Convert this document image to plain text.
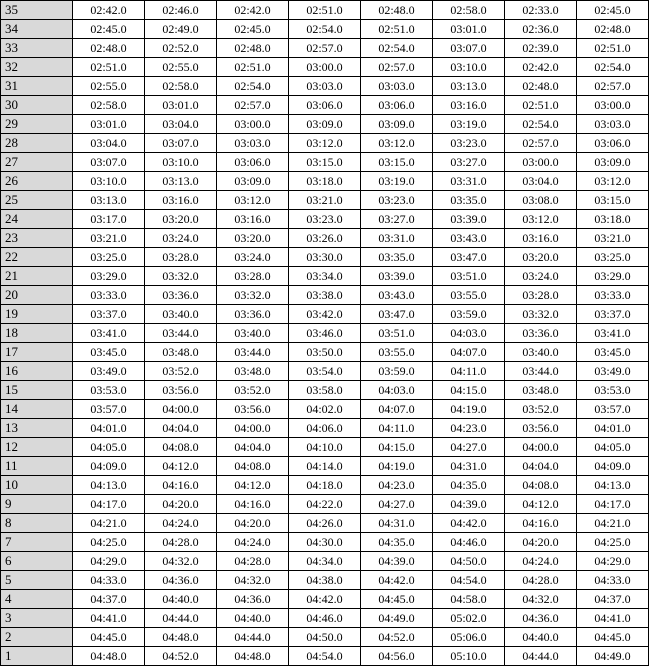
35	02:42.0	02:46.0	02:42.0	02:51.0	02:48.0	02:58.0	02:33.0	02:45.0
34	02:45.0	02:49.0	02:45.0	02:54.0	02:51.0	03:01.0	02:36.0	02:48.0
33	02:48.0	02:52.0	02:48.0	02:57.0	02:54.0	03:07.0	02:39.0	02:51.0
32	02:51.0	02:55.0	02:51.0	03:00.0	02:57.0	03:10.0	02:42.0	02:54.0
31	02:55.0	02:58.0	02:54.0	03:03.0	03:03.0	03:13.0	02:48.0	02:57.0
30	02:58.0	03:01.0	02:57.0	03:06.0	03:06.0	03:16.0	02:51.0	03:00.0
29	03:01.0	03:04.0	03:00.0	03:09.0	03:09.0	03:19.0	02:54.0	03:03.0
28	03:04.0	03:07.0	03:03.0	03:12.0	03:12.0	03:23.0	02:57.0	03:06.0
27	03:07.0	03:10.0	03:06.0	03:15.0	03:15.0	03:27.0	03:00.0	03:09.0
26	03:10.0	03:13.0	03:09.0	03:18.0	03:19.0	03:31.0	03:04.0	03:12.0
25	03:13.0	03:16.0	03:12.0	03:21.0	03:23.0	03:35.0	03:08.0	03:15.0
24	03:17.0	03:20.0	03:16.0	03:23.0	03:27.0	03:39.0	03:12.0	03:18.0
23	03:21.0	03:24.0	03:20.0	03:26.0	03:31.0	03:43.0	03:16.0	03:21.0
22	03:25.0	03:28.0	03:24.0	03:30.0	03:35.0	03:47.0	03:20.0	03:25.0
21	03:29.0	03:32.0	03:28.0	03:34.0	03:39.0	03:51.0	03:24.0	03:29.0
20	03:33.0	03:36.0	03:32.0	03:38.0	03:43.0	03:55.0	03:28.0	03:33.0
19	03:37.0	03:40.0	03:36.0	03:42.0	03:47.0	03:59.0	03:32.0	03:37.0
18	03:41.0	03:44.0	03:40.0	03:46.0	03:51.0	04:03.0	03:36.0	03:41.0
17	03:45.0	03:48.0	03:44.0	03:50.0	03:55.0	04:07.0	03:40.0	03:45.0
16	03:49.0	03:52.0	03:48.0	03:54.0	03:59.0	04:11.0	03:44.0	03:49.0
15	03:53.0	03:56.0	03:52.0	03:58.0	04:03.0	04:15.0	03:48.0	03:53.0
14	03:57.0	04:00.0	03:56.0	04:02.0	04:07.0	04:19.0	03:52.0	03:57.0
13	04:01.0	04:04.0	04:00.0	04:06.0	04:11.0	04:23.0	03:56.0	04:01.0
12	04:05.0	04:08.0	04:04.0	04:10.0	04:15.0	04:27.0	04:00.0	04:05.0
11	04:09.0	04:12.0	04:08.0	04:14.0	04:19.0	04:31.0	04:04.0	04:09.0
10	04:13.0	04:16.0	04:12.0	04:18.0	04:23.0	04:35.0	04:08.0	04:13.0
9	04:17.0	04:20.0	04:16.0	04:22.0	04:27.0	04:39.0	04:12.0	04:17.0
8	04:21.0	04:24.0	04:20.0	04:26.0	04:31.0	04:42.0	04:16.0	04:21.0
7	04:25.0	04:28.0	04:24.0	04:30.0	04:35.0	04:46.0	04:20.0	04:25.0
6	04:29.0	04:32.0	04:28.0	04:34.0	04:39.0	04:50.0	04:24.0	04:29.0
5	04:33.0	04:36.0	04:32.0	04:38.0	04:42.0	04:54.0	04:28.0	04:33.0
4	04:37.0	04:40.0	04:36.0	04:42.0	04:45.0	04:58.0	04:32.0	04:37.0
3	04:41.0	04:44.0	04:40.0	04:46.0	04:49.0	05:02.0	04:36.0	04:41.0
2	04:45.0	04:48.0	04:44.0	04:50.0	04:52.0	05:06.0	04:40.0	04:45.0
1	04:48.0	04:52.0	04:48.0	04:54.0	04:56.0	05:10.0	04:44.0	04:49.0
